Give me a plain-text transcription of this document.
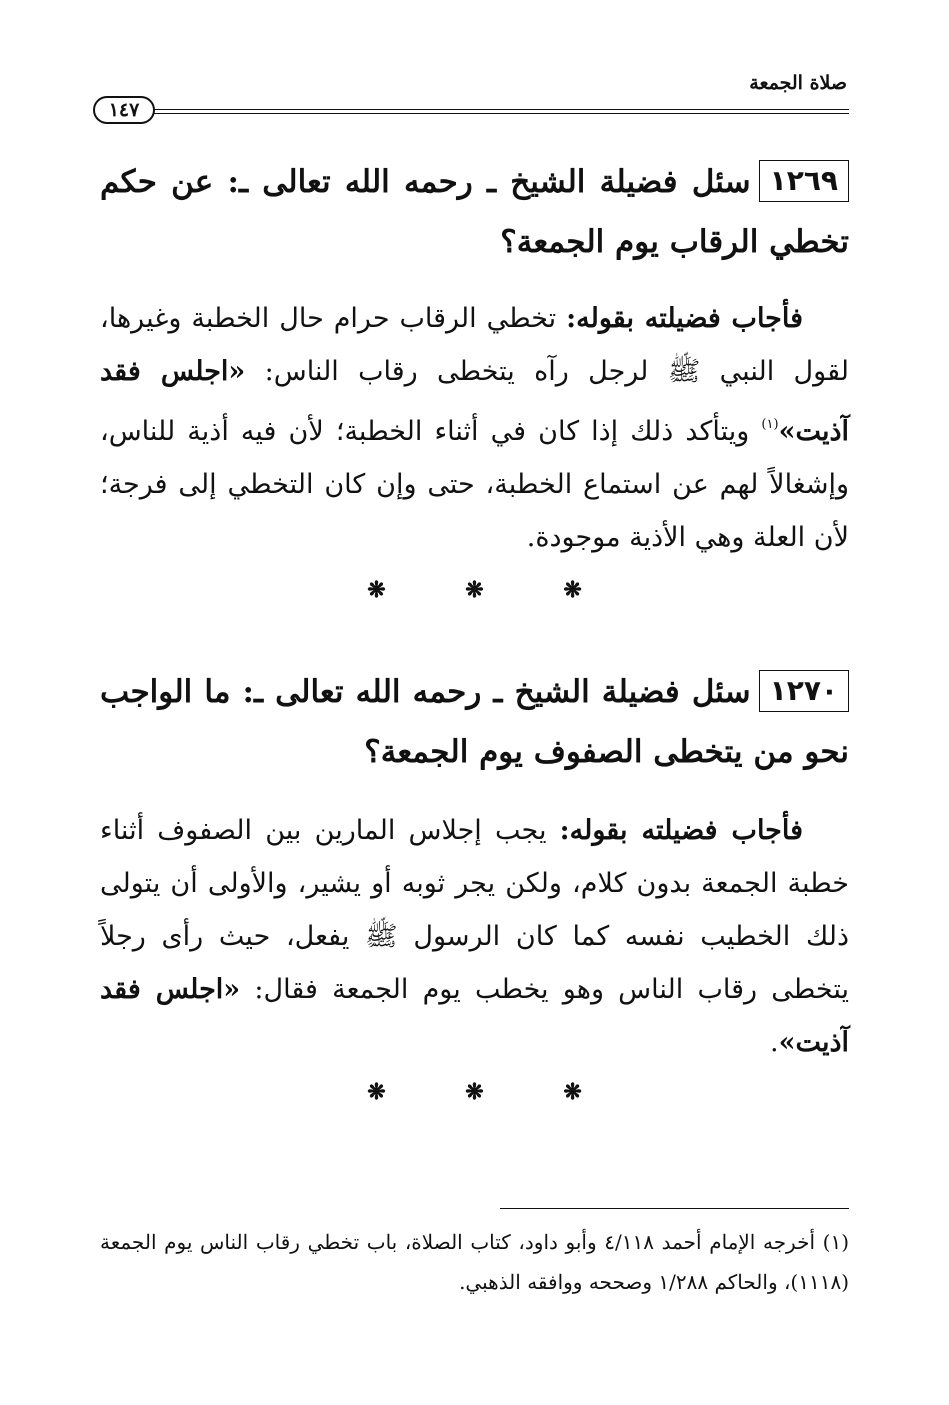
صلاة الجمعة
١٤٧
١٢٦٩سئل فضيلة الشيخ ـ رحمه الله تعالى ـ: عن حكم تخطي الرقاب يوم الجمعة؟
فأجاب فضيلته بقوله: تخطي الرقاب حرام حال الخطبة وغيرها، لقول النبي ﷺ لرجل رآه يتخطى رقاب الناس: «اجلس فقد آذيت»$^{(١)}$ ويتأكد ذلك إذا كان في أثناء الخطبة؛ لأن فيه أذية للناس، وإشغالاً لهم عن استماع الخطبة، حتى وإن كان التخطي إلى فرجة؛ لأن العلة وهي الأذية موجودة.
❋ ❋ ❋
١٢٧٠سئل فضيلة الشيخ ـ رحمه الله تعالى ـ: ما الواجب نحو من يتخطى الصفوف يوم الجمعة؟
فأجاب فضيلته بقوله: يجب إجلاس المارين بين الصفوف أثناء خطبة الجمعة بدون كلام، ولكن يجر ثوبه أو يشير، والأولى أن يتولى ذلك الخطيب نفسه كما كان الرسول ﷺ يفعل، حيث رأى رجلاً يتخطى رقاب الناس وهو يخطب يوم الجمعة فقال: «اجلس فقد آذيت».
❋ ❋ ❋
(١) أخرجه الإمام أحمد ٤/١١٨ وأبو داود، كتاب الصلاة، باب تخطي رقاب الناس يوم الجمعة (١١١٨)، والحاكم ١/٢٨٨ وصححه ووافقه الذهبي.
